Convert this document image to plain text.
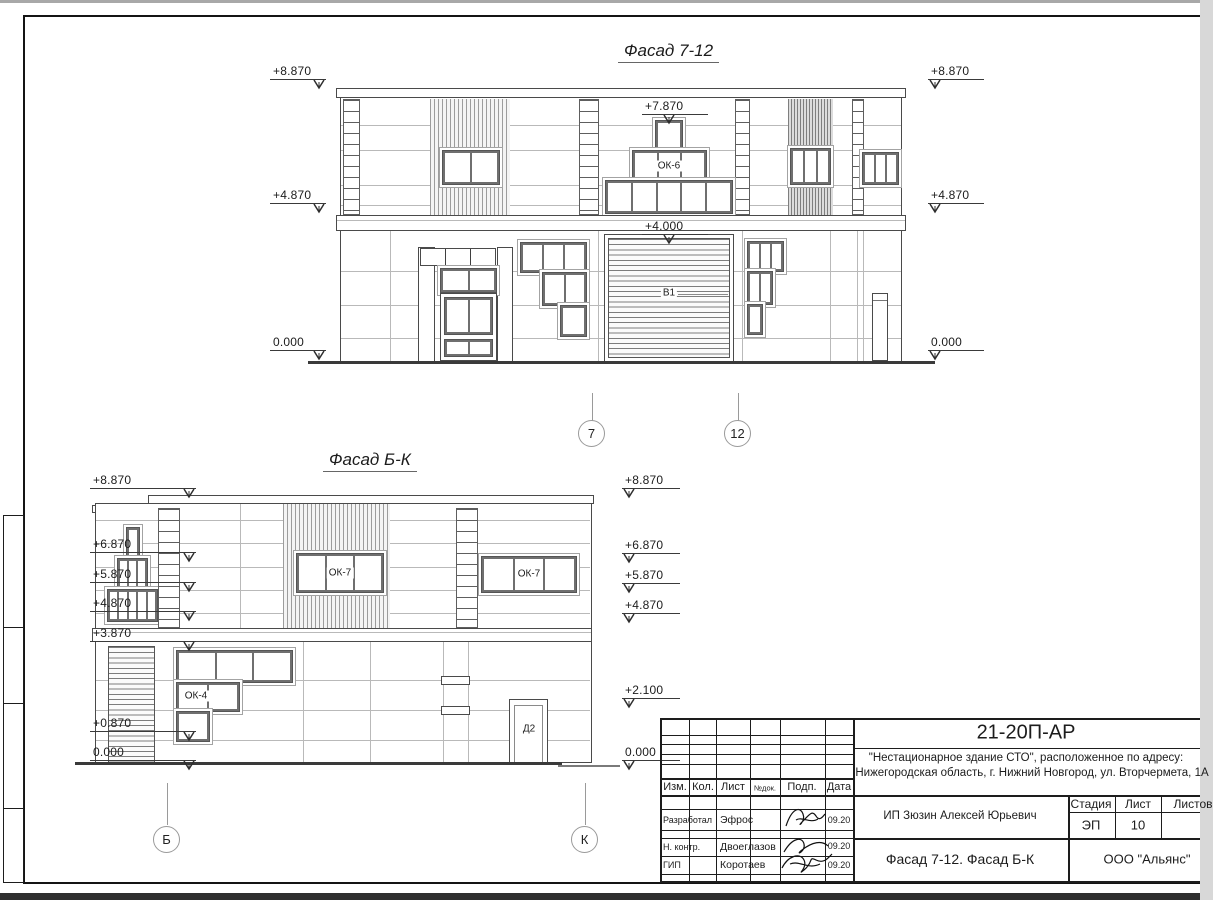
Фасад 7-12
ОК-6
В1
7	12
+8.870
+4.870
0.000
+8.870
+4.870
0.000
+7.870
+4.000
Фасад Б-К
ОК-7	ОК-7
ОК-4
Д2
Б	К
+8.870
+6.870
+5.870
+4.870
+3.870
+0.870
0.000
+8.870
+6.870
+5.870
+4.870
+2.100
0.000
Изм. Кол. Лист №док. Подп. Дата
Разработал Эфрос	09.20
Н. контр. Двоеглазов	09.20
ГИП	Коротаев	09.20
21-20П-АР
"Нестационарное здание СТО", расположенное по адресу:
Нижегородская область, г. Нижний Новгород, ул. Вторчермета, 1А
ИП Зюзин Алексей Юрьевич
Стадия Лист Листов
ЭП 10
Фасад 7-12. Фасад Б-К	ООО "Альянс"
